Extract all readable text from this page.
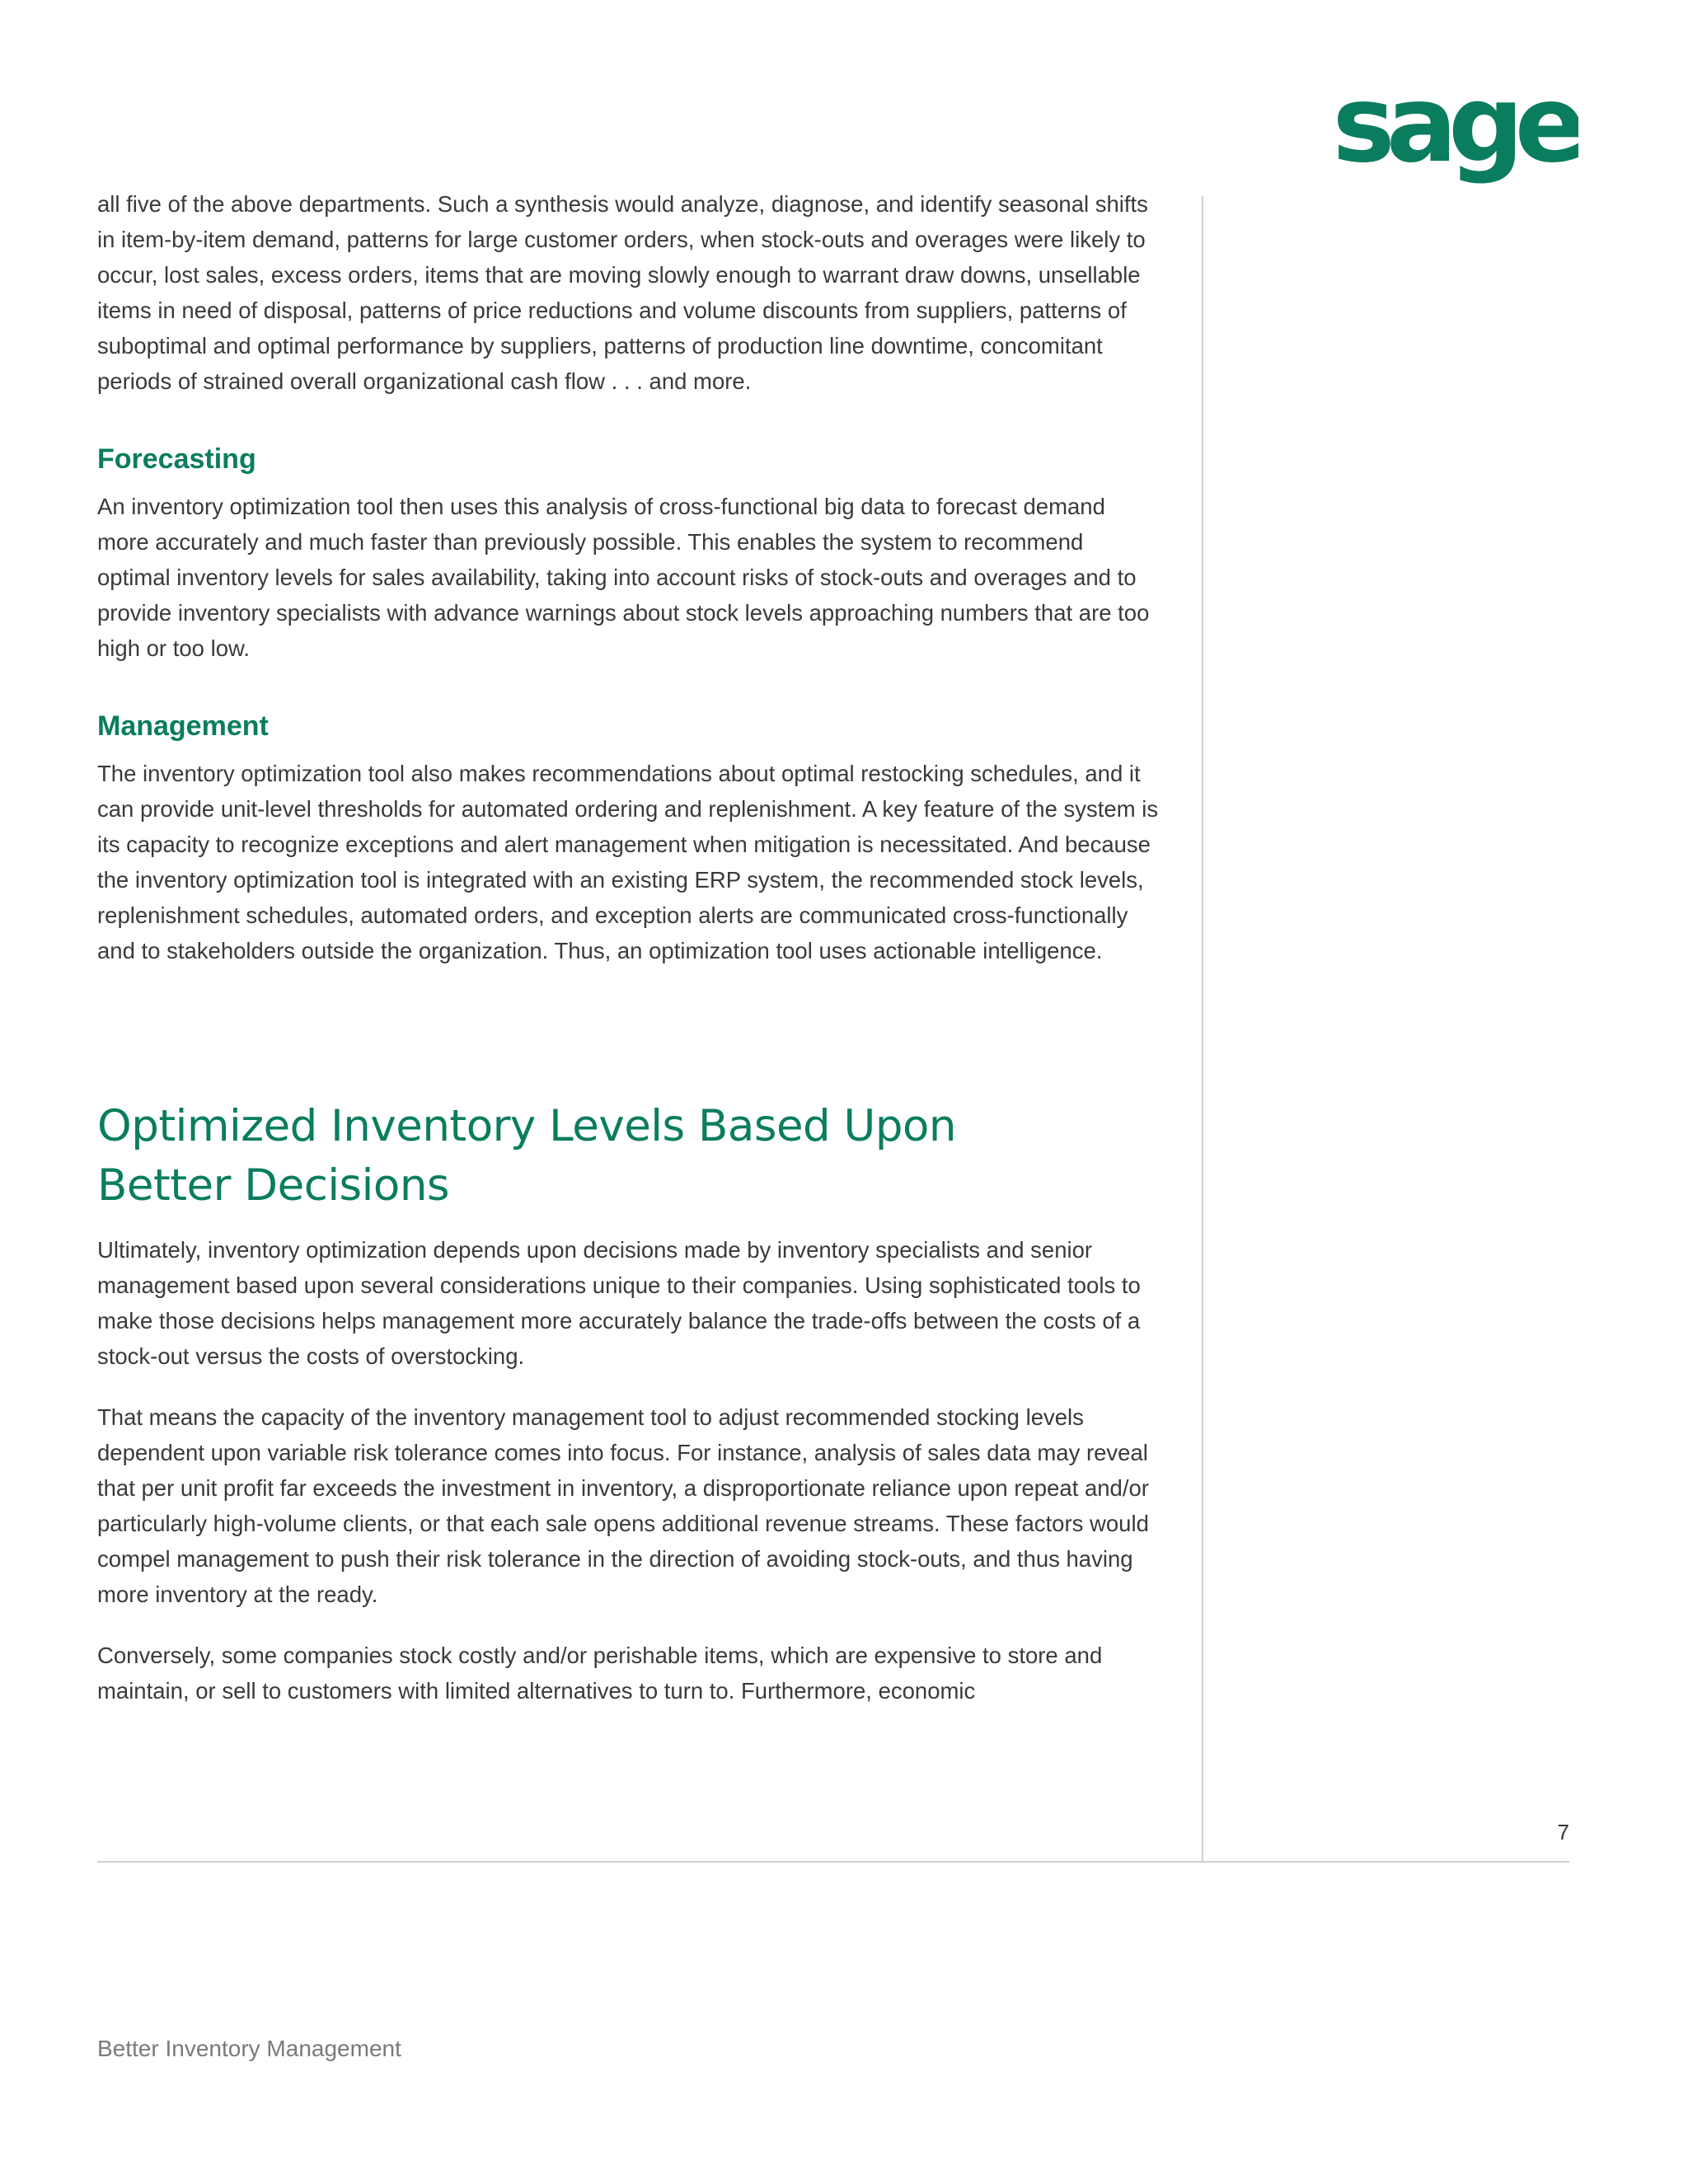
sage

all five of the above departments. Such a synthesis would analyze, diagnose, and identify seasonal shifts in item-by-item demand, patterns for large customer orders, when stock-outs and overages were likely to occur, lost sales, excess orders, items that are moving slowly enough to warrant draw downs, unsellable items in need of disposal, patterns of price reductions and volume discounts from suppliers, patterns of suboptimal and optimal performance by suppliers, patterns of production line downtime, concomitant periods of strained overall organizational cash flow . . . and more.

Forecasting

An inventory optimization tool then uses this analysis of cross-functional big data to forecast demand more accurately and much faster than previously possible. This enables the system to recommend optimal inventory levels for sales availability, taking into account risks of stock-outs and overages and to provide inventory specialists with advance warnings about stock levels approaching numbers that are too high or too low.

Management

The inventory optimization tool also makes recommendations about optimal restocking schedules, and it can provide unit-level thresholds for automated ordering and replenishment. A key feature of the system is its capacity to recognize exceptions and alert management when mitigation is necessitated. And because the inventory optimization tool is integrated with an existing ERP system, the recommended stock levels, replenishment schedules, automated orders, and exception alerts are communicated cross-functionally and to stakeholders outside the organization. Thus, an optimization tool uses actionable intelligence.

Optimized Inventory Levels Based Upon
Better Decisions

Ultimately, inventory optimization depends upon decisions made by inventory specialists and senior management based upon several considerations unique to their companies. Using sophisticated tools to make those decisions helps management more accurately balance the trade-offs between the costs of a stock-out versus the costs of overstocking.

That means the capacity of the inventory management tool to adjust recommended stocking levels dependent upon variable risk tolerance comes into focus. For instance, analysis of sales data may reveal that per unit profit far exceeds the investment in inventory, a disproportionate reliance upon repeat and/or particularly high-volume clients, or that each sale opens additional revenue streams. These factors would compel management to push their risk tolerance in the direction of avoiding stock-outs, and thus having more inventory at the ready.

Conversely, some companies stock costly and/or perishable items, which are expensive to store and maintain, or sell to customers with limited alternatives to turn to. Furthermore, economic

7
Better Inventory Management
